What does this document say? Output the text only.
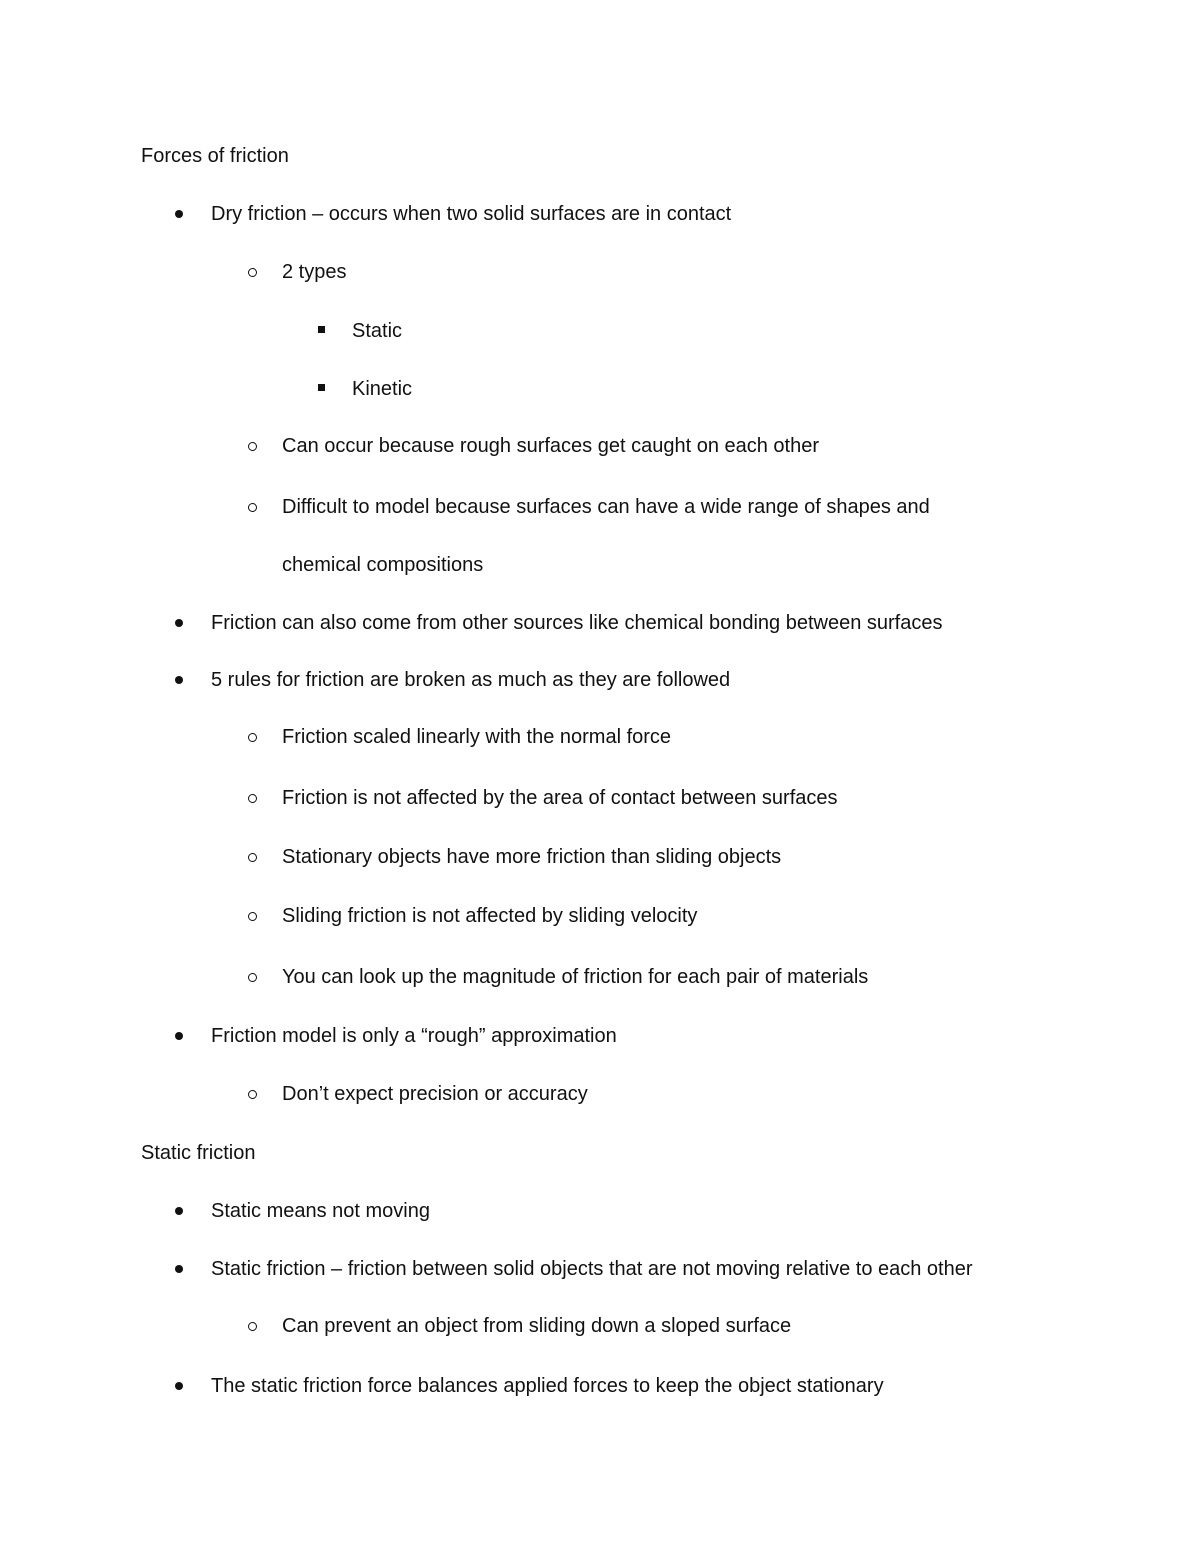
Forces of friction
Dry friction – occurs when two solid surfaces are in contact
2 types
Static
Kinetic
Can occur because rough surfaces get caught on each other
Difficult to model because surfaces can have a wide range of shapes and
chemical compositions
Friction can also come from other sources like chemical bonding between surfaces
5 rules for friction are broken as much as they are followed
Friction scaled linearly with the normal force
Friction is not affected by the area of contact between surfaces
Stationary objects have more friction than sliding objects
Sliding friction is not affected by sliding velocity
You can look up the magnitude of friction for each pair of materials
Friction model is only a “rough” approximation
Don’t expect precision or accuracy
Static friction
Static means not moving
Static friction – friction between solid objects that are not moving relative to each other
Can prevent an object from sliding down a sloped surface
The static friction force balances applied forces to keep the object stationary
